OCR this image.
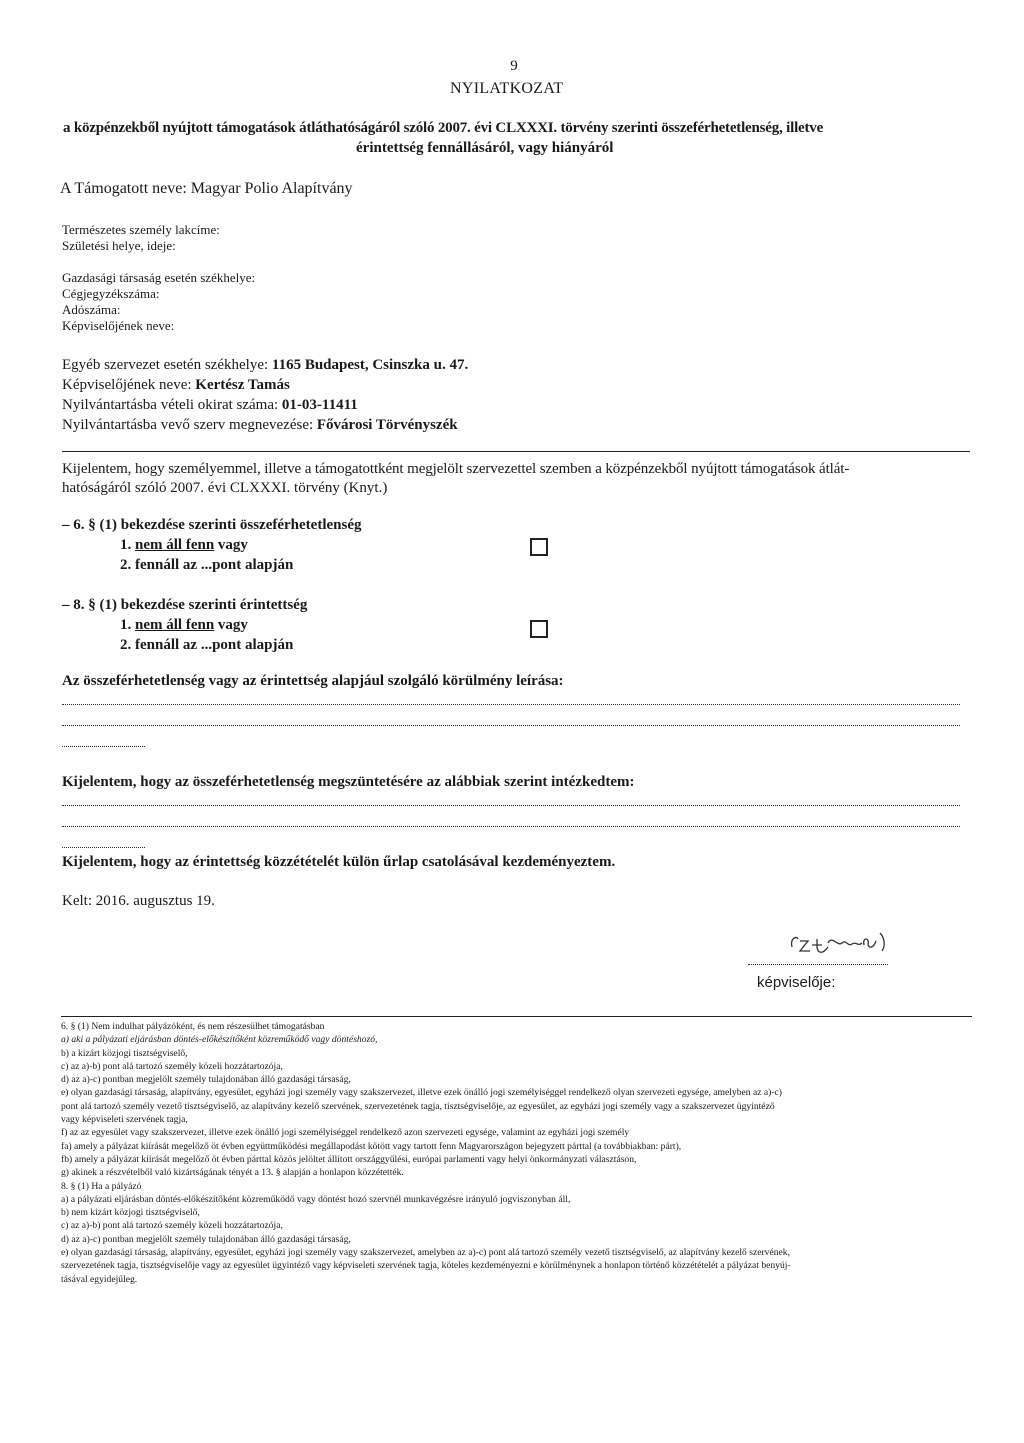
9
NYILATKOZAT
a közpénzekből nyújtott támogatások átláthatóságáról szóló 2007. évi CLXXXI. törvény szerinti összeférhetetlenség, illetve
érintettség fennállásáról, vagy hiányáról
A Támogatott neve: Magyar Polio Alapítvány
Természetes személy lakcíme:
Születési helye, ideje:
Gazdasági társaság esetén székhelye:
Cégjegyzékszáma:
Adószáma:
Képviselőjének neve:
Egyéb szervezet esetén székhelye: 1165 Budapest, Csinszka u. 47.
Képviselőjének neve: Kertész Tamás
Nyilvántartásba vételi okirat száma: 01-03-11411
Nyilvántartásba vevő szerv megnevezése: Fővárosi Törvényszék
Kijelentem, hogy személyemmel, illetve a támogatottként megjelölt szervezettel szemben a közpénzekből nyújtott támogatások átlát-
hatóságáról szóló 2007. évi CLXXXI. törvény (Knyt.)
– 6. § (1) bekezdése szerinti összeférhetetlenség
1. nem áll fenn vagy
2. fennáll az ...pont alapján
– 8. § (1) bekezdése szerinti érintettség
1. nem áll fenn vagy
2. fennáll az ...pont alapján
Az összeférhetetlenség vagy az érintettség alapjául szolgáló körülmény leírása:
Kijelentem, hogy az összeférhetetlenség megszüntetésére az alábbiak szerint intézkedtem:
Kijelentem, hogy az érintettség közzétételét külön űrlap csatolásával kezdeményeztem.
Kelt: 2016. augusztus 19.
képviselője:
6. § (1) Nem indulhat pályázóként, és nem részesülhet támogatásban
a) aki a pályázati eljárásban döntés-előkészítőként közreműködő vagy döntéshozó,
b) a kizárt közjogi tisztségviselő,
c) az a)-b) pont alá tartozó személy közeli hozzátartozója,
d) az a)-c) pontban megjelölt személy tulajdonában álló gazdasági társaság,
e) olyan gazdasági társaság, alapítvány, egyesület, egyházi jogi személy vagy szakszervezet, illetve ezek önálló jogi személyiséggel rendelkező olyan szervezeti egysége, amelyben az a)-c)
pont alá tartozó személy vezető tisztségviselő, az alapítvány kezelő szervének, szervezetének tagja, tisztségviselője, az egyesület, az egyházi jogi személy vagy a szakszervezet ügyintéző
vagy képviseleti szervének tagja,
f) az az egyesület vagy szakszervezet, illetve ezek önálló jogi személyiséggel rendelkező azon szervezeti egysége, valamint az egyházi jogi személy
fa) amely a pályázat kiírását megelőző öt évben együttműködési megállapodást kötött vagy tartott fenn Magyarországon bejegyzett párttal (a továbbiakban: párt),
fb) amely a pályázat kiírását megelőző öt évben párttal közös jelöltet állított országgyűlési, európai parlamenti vagy helyi önkormányzati választáson,
g) akinek a részvételből való kizártságának tényét a 13. § alapján a honlapon közzétették.
8. § (1) Ha a pályázó
a) a pályázati eljárásban döntés-előkészítőként közreműködő vagy döntést hozó szervnél munkavégzésre irányuló jogviszonyban áll,
b) nem kizárt közjogi tisztségviselő,
c) az a)-b) pont alá tartozó személy közeli hozzátartozója,
d) az a)-c) pontban megjelölt személy tulajdonában álló gazdasági társaság,
e) olyan gazdasági társaság, alapítvány, egyesület, egyházi jogi személy vagy szakszervezet, amelyben az a)-c) pont alá tartozó személy vezető tisztségviselő, az alapítvány kezelő szervének,
szervezetének tagja, tisztségviselője vagy az egyesület ügyintéző vagy képviseleti szervének tagja, köteles kezdeményezni e körülménynek a honlapon történő közzétételét a pályázat benyúj-
tásával egyidejűleg.
